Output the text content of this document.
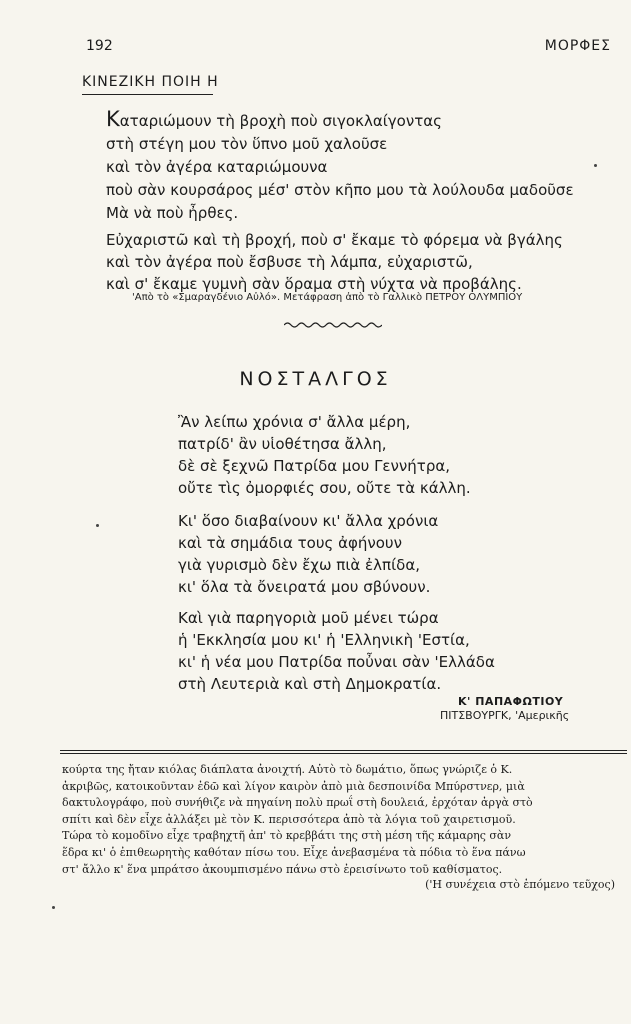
192	ΜΟΡΦΕΣ
ΚΙΝΕΖΙΚΗ ΠΟΙΗ Η
Καταριώμουν τὴ βροχὴ ποὺ σιγοκλαίγοντας
στὴ στέγη μου τὸν ὕπνο μοῦ χαλοῦσε
καὶ τὸν ἀγέρα καταριώμουνα
ποὺ σὰν κουρσάρος μέσ' στὸν κῆπο μου τὰ λούλουδα μαδοῦσε
Μὰ νὰ ποὺ ἦρθες.
Εὐχαριστῶ καὶ τὴ βροχή, ποὺ σ' ἔκαμε τὸ φόρεμα νὰ βγάλης
καὶ τὸν ἀγέρα ποὺ ἔσβυσε τὴ λάμπα, εὐχαριστῶ,
καὶ σ' ἔκαμε γυμνὴ σὰν ὅραμα στὴ νύχτα νὰ προβάλης.
'Απὸ τὸ «Σμαραγδένιο Αὐλό». Μετάφραση ἀπὸ τὸ Γαλλικὸ ΠΕΤΡΟΥ ΟΛΥΜΠΙΟΥ
ΝΟΣΤΑΛΓΟΣ
Ἂν λείπω χρόνια σ' ἄλλα μέρη,
πατρίδ' ἂν υἱοθέτησα ἄλλη,
δὲ σὲ ξεχνῶ Πατρίδα μου Γεννήτρα,
οὔτε τὶς ὀμορφιές σου, οὔτε τὰ κάλλη.
Κι' ὅσο διαβαίνουν κι' ἄλλα χρόνια
καὶ τὰ σημάδια τους ἀφήνουν
γιὰ γυρισμὸ δὲν ἔχω πιὰ ἐλπίδα,
κι' ὅλα τὰ ὄνειρατά μου σβύνουν.
Καὶ γιὰ παρηγοριὰ μοῦ μένει τώρα
ἡ 'Εκκλησία μου κι' ἡ 'Ελληνικὴ 'Εστία,
κι' ἡ νέα μου Πατρίδα ποὖναι σὰν 'Ελλάδα
στὴ Λευτεριὰ καὶ στὴ Δημοκρατία.
Κ' ΠΑΠΑΦΩΤΙΟΥ
ΠΙΤΣΒΟΥΡΓΚ, 'Αμερικῆς
κούρτα της ἤταν κιόλας διάπλατα ἀνοιχτή. Αὐτὸ τὸ δωμάτιο, ὅπως γνώριζε ὁ Κ.
ἀκριβῶς, κατοικοῦνταν ἐδῶ καὶ λίγον καιρὸν ἀπὸ μιὰ δεσποινίδα Μπύρστνερ, μιὰ
δακτυλογράφο, ποὺ συνήθιζε νὰ πηγαίνη πολὺ πρωΐ στὴ δουλειά, ἐρχόταν ἀργὰ στὸ
σπίτι καὶ δὲν εἶχε ἀλλάξει μὲ τὸν Κ. περισσότερα ἀπὸ τὰ λόγια τοῦ χαιρετισμοῦ.
Τώρα τὸ κομοδῖνο εἶχε τραβηχτῆ ἀπ' τὸ κρεββάτι της στὴ μέση τῆς κάμαρης σὰν
ἕδρα κι' ὁ ἐπιθεωρητὴς καθόταν πίσω του. Εἶχε ἀνεβασμένα τὰ πόδια τὸ ἕνα πάνω
στ' ἄλλο κ' ἕνα μπράτσο ἀκουμπισμένο πάνω στὸ ἐρεισίνωτο τοῦ καθίσματος.
('Η συνέχεια στὸ ἑπόμενο τεῦχος)
